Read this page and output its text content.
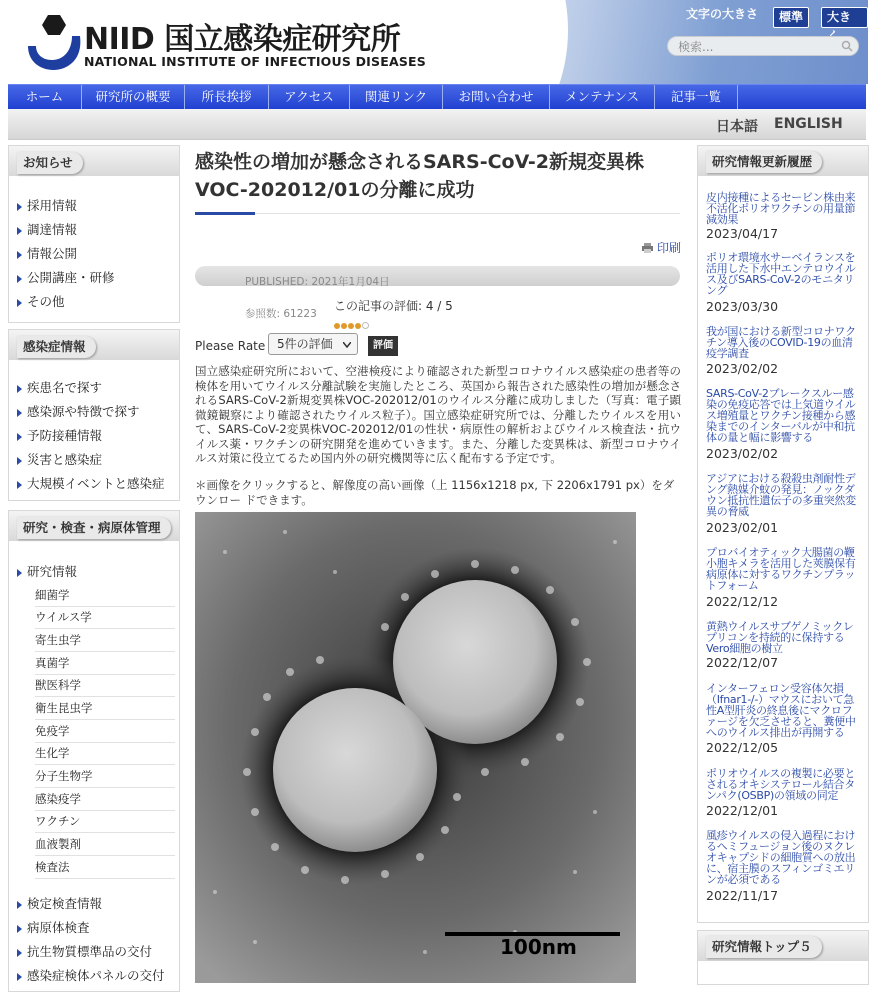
NIID 国立感染症研究所
NATIONAL INSTITUTE OF INFECTIOUS DISEASES
文字の大きさ	標準	大き
検索...
ホーム	研究所の概要	所長挨拶	アクセス	関連リンク	お問い合わせ	メンテナンス	記事一覧
日本語 ENGLISH
お知らせ
採用情報
調達情報
情報公開
公開講座・研修
その他
感染症情報
疾患名で探す
感染源や特徴で探す
予防接種情報
災害と感染症
大規模イベントと感染症
研究・検査・病原体管理
研究情報
細菌学
ウイルス学
寄生虫学
真菌学
獣医科学
衛生昆虫学
免疫学
生化学
分子生物学
感染疫学
ワクチン
血液製剤
検査法
検定検査情報
病原体検査
抗生物質標準品の交付
感染症検体パネルの交付
感染性の増加が懸念されるSARS-CoV-2新規変異株VOC-202012/01の分離に成功
印刷
PUBLISHED: 2021年1月04日
参照数: 61223
この記事の評価: 4 / 5
Please Rate 5件の評価	評価
国立感染症研究所において、空港検疫により確認された新型コロナウイルス感染症の患者等の検体を用いてウイルス分離試験を実施したところ、英国から報告された感染性の増加が懸念されるSARS-CoV-2新規変異株VOC-202012/01のウイルス分離に成功しました（写真：電子顕微鏡観察により確認されたウイルス粒子）。国立感染症研究所では、分離したウイルスを用いて、SARS-CoV-2変異株VOC-202012/01の性状・病原性の解析およびウイルス検査法・抗ウイルス薬・ワクチンの研究開発を進めていきます。また、分離した変異株は、新型コロナウイルス対策に役立てるため国内外の研究機関等に広く配布する予定です。
＊画像をクリックすると、解像度の高い画像（上 1156x1218 px, 下 2206x1791 px）をダウンロー ドできます。
100nm
研究情報更新履歴
皮内接種によるセービン株由来不活化ポリオワクチンの用量節減効果
2023/04/17
ポリオ環境水サーベイランスを活用した下水中エンテロウイルス及びSARS-CoV-2のモニタリング
2023/03/30
我が国における新型コロナワクチン導入後のCOVID-19の血清疫学調査
2023/02/02
SARS-CoV-2ブレークスルー感染の免疫応答では上気道ウイルス増殖量とワクチン接種から感染までのインターバルが中和抗体の量と幅に影響する
2023/02/02
アジアにおける殺殺虫剤耐性デング熱媒介蚊の発見：ノックダウン抵抗性遺伝子の多重突然変異の脅威
2023/02/01
プロバイオティック大腸菌の鞭小胞キメラを活用した莢膜保有病原体に対するワクチンプラットフォーム
2022/12/12
黄熱ウイルスサブゲノミックレプリコンを持続的に保持するVero細胞の樹立
2022/12/07
インターフェロン受容体欠損（Ifnar1-/-）マウスにおいて急性A型肝炎の終息後にマクロファージを欠乏させると、糞便中へのウイルス排出が再開する
2022/12/05
ポリオウイルスの複製に必要とされるオキシステロール結合タンパク(OSBP)の領域の同定
2022/12/01
風疹ウイルスの侵入過程におけるヘミフュージョン後のヌクレオキャプシドの細胞質への放出に、宿主膜のスフィンゴミエリンが必須である
2022/11/17
研究情報トップ５
